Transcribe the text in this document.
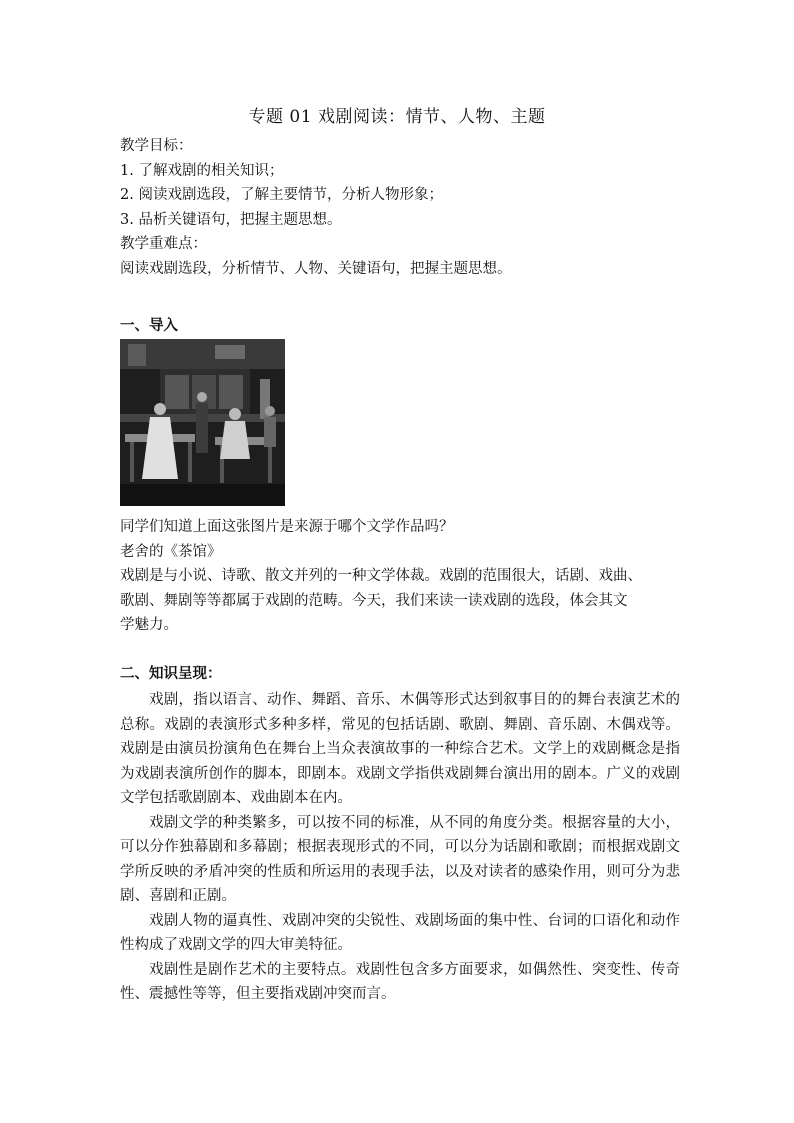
专题 01 戏剧阅读：情节、人物、主题
教学目标：
1. 了解戏剧的相关知识；
2. 阅读戏剧选段，了解主要情节，分析人物形象；
3. 品析关键语句，把握主题思想。
教学重难点：
阅读戏剧选段，分析情节、人物、关键语句，把握主题思想。
一、导入
同学们知道上面这张图片是来源于哪个文学作品吗？
老舍的《茶馆》
戏剧是与小说、诗歌、散文并列的一种文学体裁。戏剧的范围很大，话剧、戏曲、
歌剧、舞剧等等都属于戏剧的范畴。今天，我们来读一读戏剧的选段，体会其文
学魅力。
二、知识呈现：
戏剧，指以语言、动作、舞蹈、音乐、木偶等形式达到叙事目的的舞台表演艺术的总称。戏剧的表演形式多种多样，常见的包括话剧、歌剧、舞剧、音乐剧、木偶戏等。戏剧是由演员扮演角色在舞台上当众表演故事的一种综合艺术。文学上的戏剧概念是指为戏剧表演所创作的脚本，即剧本。戏剧文学指供戏剧舞台演出用的剧本。广义的戏剧文学包括歌剧剧本、戏曲剧本在内。
戏剧文学的种类繁多，可以按不同的标准，从不同的角度分类。根据容量的大小，可以分作独幕剧和多幕剧；根据表现形式的不同，可以分为话剧和歌剧；而根据戏剧文学所反映的矛盾冲突的性质和所运用的表现手法，以及对读者的感染作用，则可分为悲剧、喜剧和正剧。
戏剧人物的逼真性、戏剧冲突的尖锐性、戏剧场面的集中性、台词的口语化和动作性构成了戏剧文学的四大审美特征。
戏剧性是剧作艺术的主要特点。戏剧性包含多方面要求，如偶然性、突变性、传奇性、震撼性等等，但主要指戏剧冲突而言。
